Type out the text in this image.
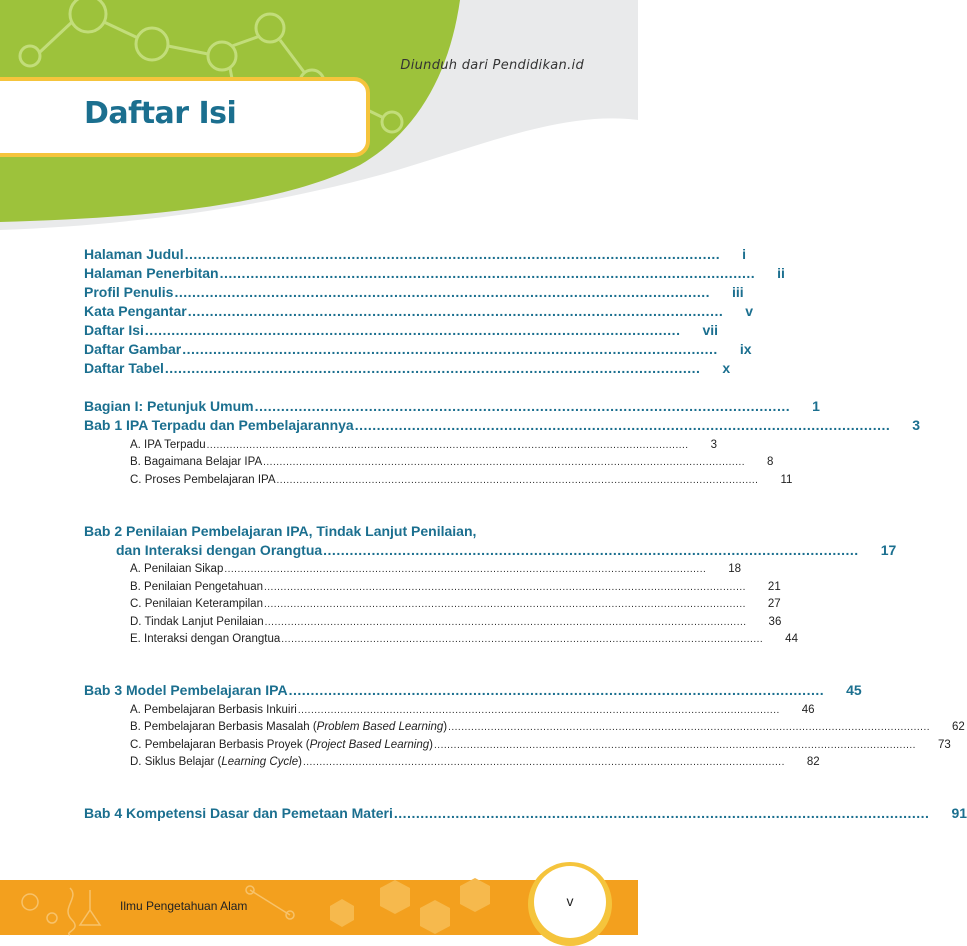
Diunduh dari Pendidikan.id
Daftar Isi
Halaman Judul .......................................................................................................................... i
Halaman Penerbitan .......................................................................................................................... ii
Profil Penulis .......................................................................................................................... iii
Kata Pengantar .......................................................................................................................... v
Daftar Isi .......................................................................................................................... vii
Daftar Gambar .......................................................................................................................... ix
Daftar Tabel .......................................................................................................................... x
Bagian I: Petunjuk Umum .......................................................................................................................... 1
Bab 1 IPA Terpadu dan Pembelajarannya .......................................................................................................................... 3
A. IPA Terpadu ................................................................................................................................................... 3
B. Bagaimana Belajar IPA ................................................................................................................................................... 8
C. Proses Pembelajaran IPA ................................................................................................................................................... 11
Bab 2 Penilaian Pembelajaran IPA, Tindak Lanjut Penilaian,
dan Interaksi dengan Orangtua .......................................................................................................................... 17
A. Penilaian Sikap ................................................................................................................................................... 18
B. Penilaian Pengetahuan ................................................................................................................................................... 21
C. Penilaian Keterampilan ................................................................................................................................................... 27
D. Tindak Lanjut Penilaian ................................................................................................................................................... 36
E. Interaksi dengan Orangtua ................................................................................................................................................... 44
Bab 3 Model Pembelajaran IPA .......................................................................................................................... 45
A. Pembelajaran Berbasis Inkuiri ................................................................................................................................................... 46
B. Pembelajaran Berbasis Masalah (Problem Based Learning) ................................................................................................................................................... 62
C. Pembelajaran Berbasis Proyek (Project Based Learning) ................................................................................................................................................... 73
D. Siklus Belajar (Learning Cycle) ................................................................................................................................................... 82
Bab 4 Kompetensi Dasar dan Pemetaan Materi .......................................................................................................................... 91
Ilmu Pengetahuan Alam	v
